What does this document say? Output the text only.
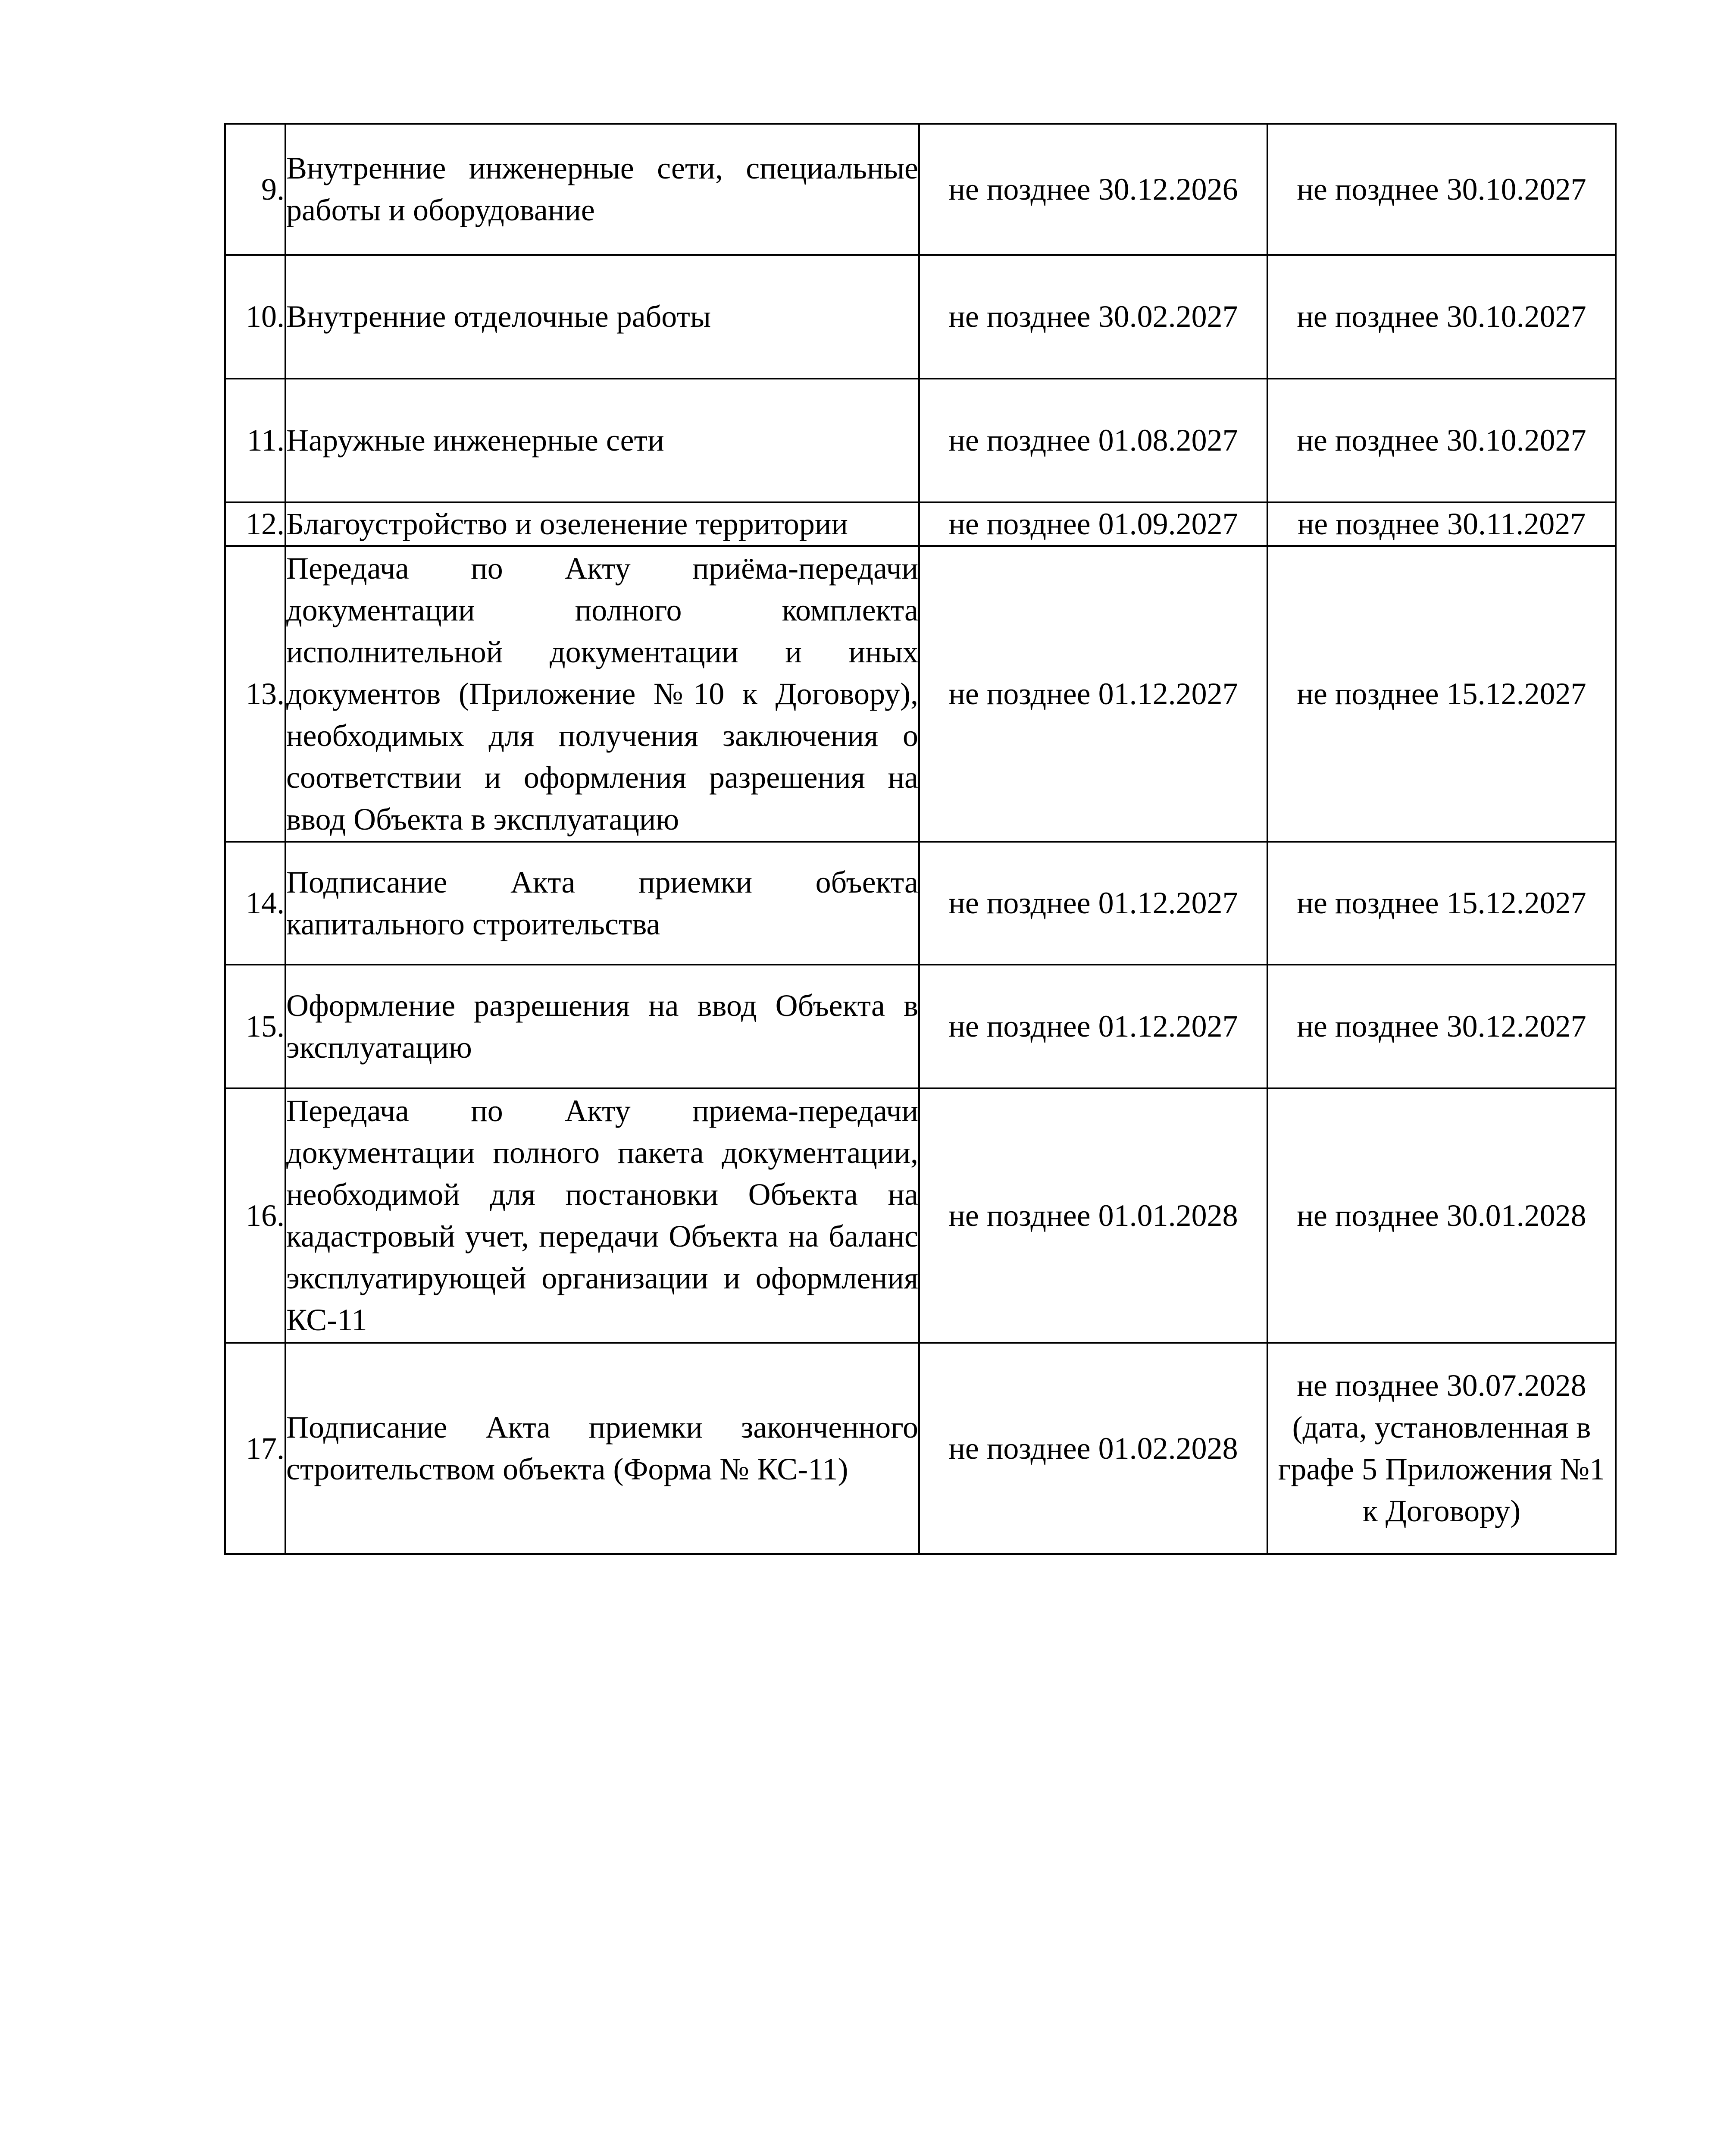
9.	Внутренние инженерные сети, специальные работы и оборудование	не позднее 30.12.2026	не позднее 30.10.2027
10.	Внутренние отделочные работы	не позднее 30.02.2027	не позднее 30.10.2027
11.	Наружные инженерные сети	не позднее 01.08.2027	не позднее 30.10.2027
12.	Благоустройство и озеленение территории	не позднее 01.09.2027	не позднее 30.11.2027
13.	Передача по Акту приёма-передачи документации полного комплекта исполнительной документации и иных документов (Приложение №10 к Договору), необходимых для получения заключения о соответствии и оформления разрешения на ввод Объекта в эксплуатацию	не позднее 01.12.2027	не позднее 15.12.2027
14.	Подписание Акта приемки объекта капитального строительства	не позднее 01.12.2027	не позднее 15.12.2027
15.	Оформление разрешения на ввод Объекта в эксплуатацию	не позднее 01.12.2027	не позднее 30.12.2027
16.	Передача по Акту приема-передачи документации полного пакета документации, необходимой для постановки Объекта на кадастровый учет, передачи Объекта на баланс эксплуатирующей организации и оформления КС-11	не позднее 01.01.2028	не позднее 30.01.2028
17.	Подписание Акта приемки законченного строительством объекта (Форма № КС-11)	не позднее 01.02.2028	не позднее 30.07.2028 (дата, установленная в графе 5 Приложения №1 к Договору)
